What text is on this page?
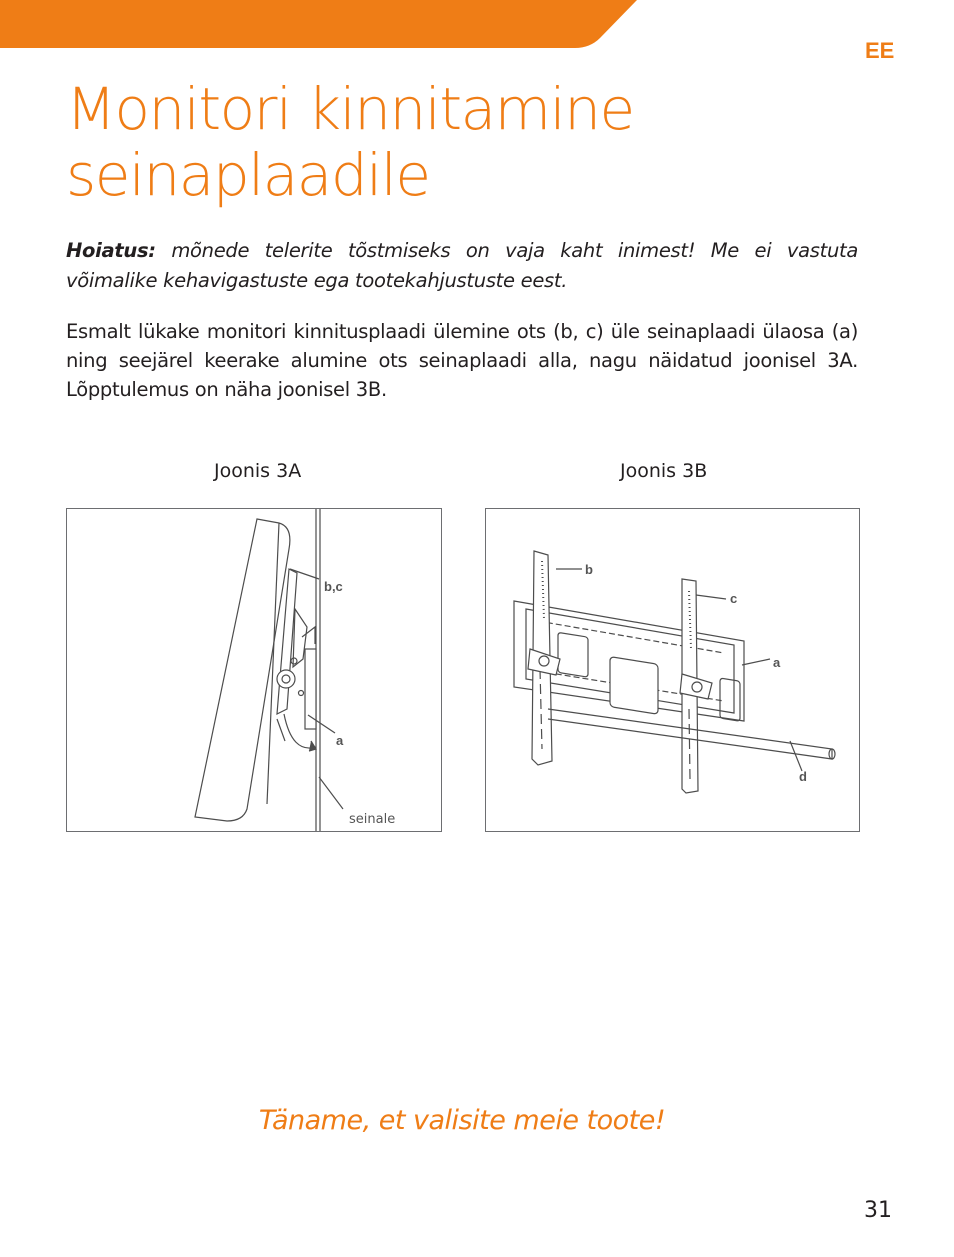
EE
Monitori kinnitamine
seinaplaadile

Hoiatus: mõnede telerite tõstmiseks on vaja kaht inimest! Me ei vastuta võimalike kehavigastuste ega tootekahjustuste eest.

Esmalt lükake monitori kinnitusplaadi ülemine ots (b, c) üle seinaplaadi ülaosa (a) ning seejärel keerake alumine ots seinaplaadi alla, nagu näidatud joonisel 3A. Lõpptulemus on näha joonisel 3B.

Joonis 3A	Joonis 3B
b,c
a
seinale
b
c
a
d

Täname, et valisite meie toote!

31
